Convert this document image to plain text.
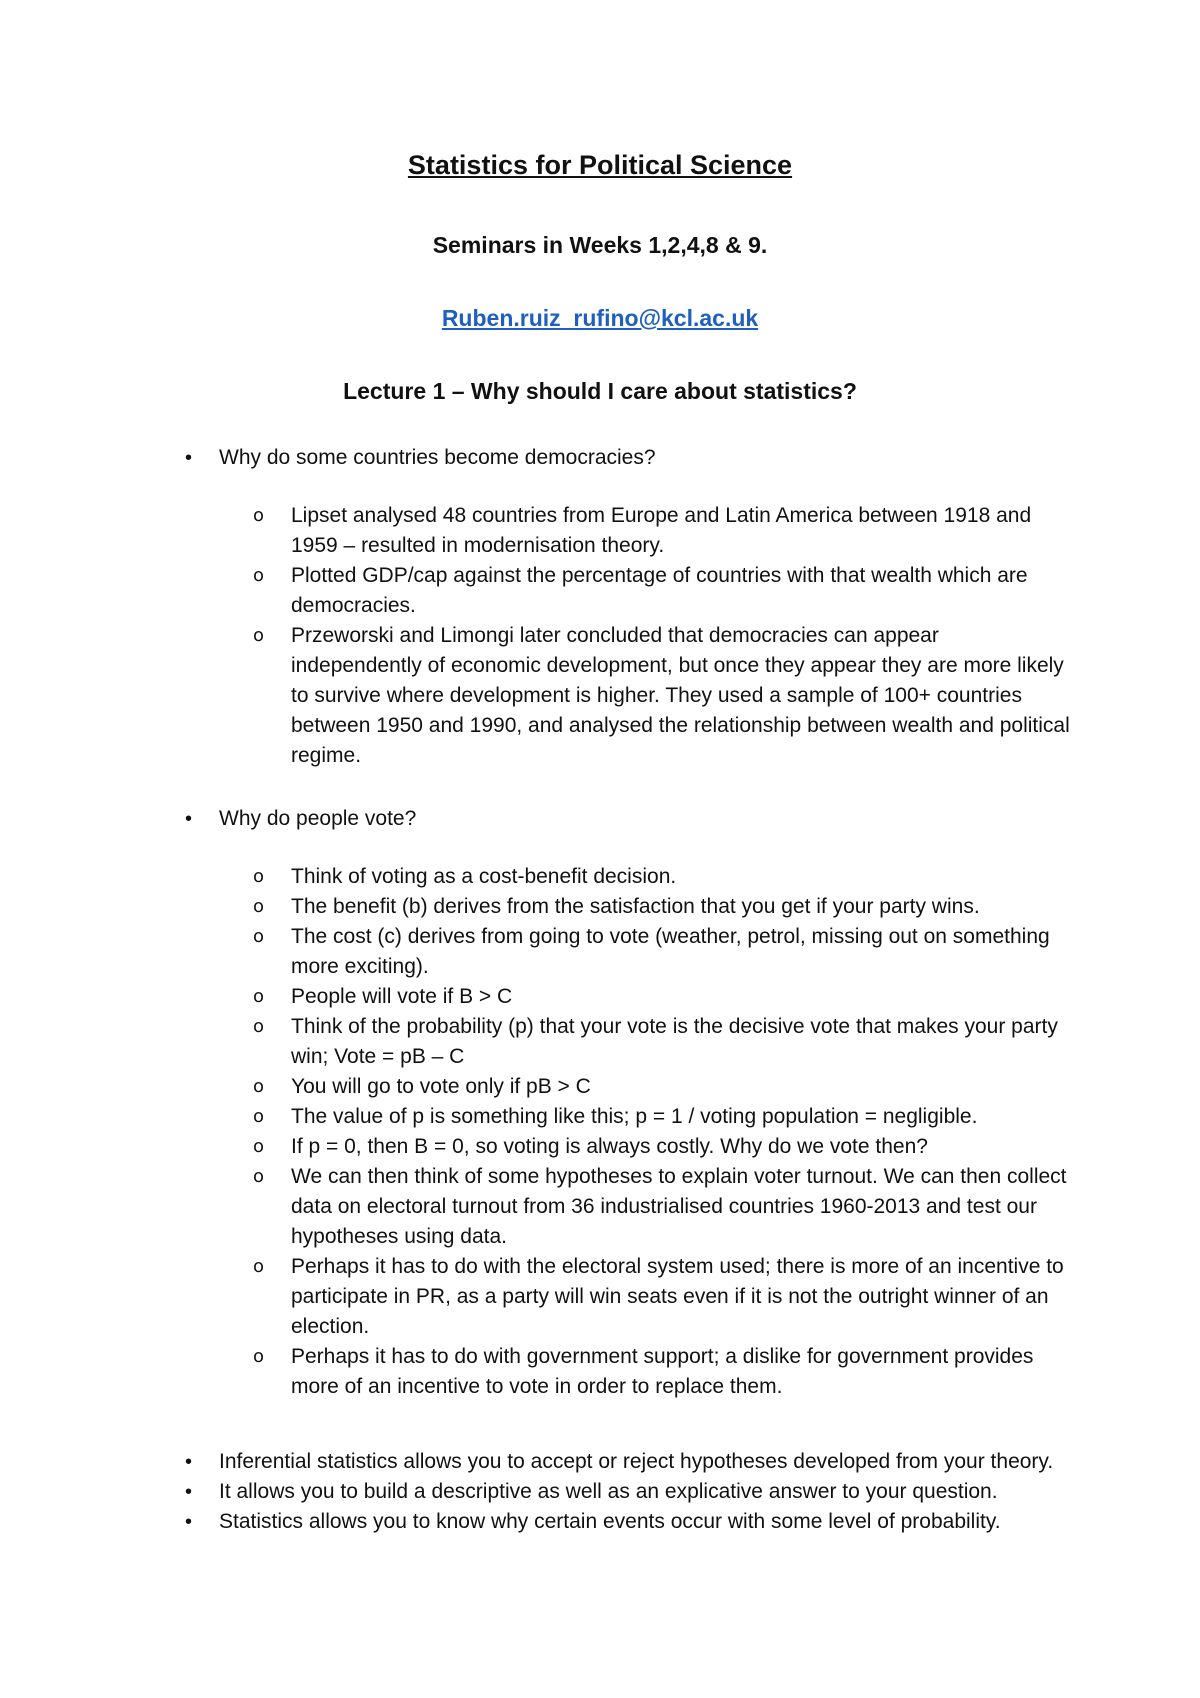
Statistics for Political Science
Seminars in Weeks 1,2,4,8 & 9.
Ruben.ruiz_rufino@kcl.ac.uk
Lecture 1 – Why should I care about statistics?
• Why do some countries become democracies?
o Lipset analysed 48 countries from Europe and Latin America between 1918 and 1959 – resulted in modernisation theory.
o Plotted GDP/cap against the percentage of countries with that wealth which are democracies.
o Przeworski and Limongi later concluded that democracies can appear independently of economic development, but once they appear they are more likely to survive where development is higher. They used a sample of 100+ countries between 1950 and 1990, and analysed the relationship between wealth and political regime.
• Why do people vote?
o Think of voting as a cost-benefit decision.
o The benefit (b) derives from the satisfaction that you get if your party wins.
o The cost (c) derives from going to vote (weather, petrol, missing out on something more exciting).
o People will vote if B > C
o Think of the probability (p) that your vote is the decisive vote that makes your party win; Vote = pB – C
o You will go to vote only if pB > C
o The value of p is something like this; p = 1 / voting population = negligible.
o If p = 0, then B = 0, so voting is always costly. Why do we vote then?
o We can then think of some hypotheses to explain voter turnout. We can then collect data on electoral turnout from 36 industrialised countries 1960-2013 and test our hypotheses using data.
o Perhaps it has to do with the electoral system used; there is more of an incentive to participate in PR, as a party will win seats even if it is not the outright winner of an election.
o Perhaps it has to do with government support; a dislike for government provides more of an incentive to vote in order to replace them.
• Inferential statistics allows you to accept or reject hypotheses developed from your theory.
• It allows you to build a descriptive as well as an explicative answer to your question.
• Statistics allows you to know why certain events occur with some level of probability.
